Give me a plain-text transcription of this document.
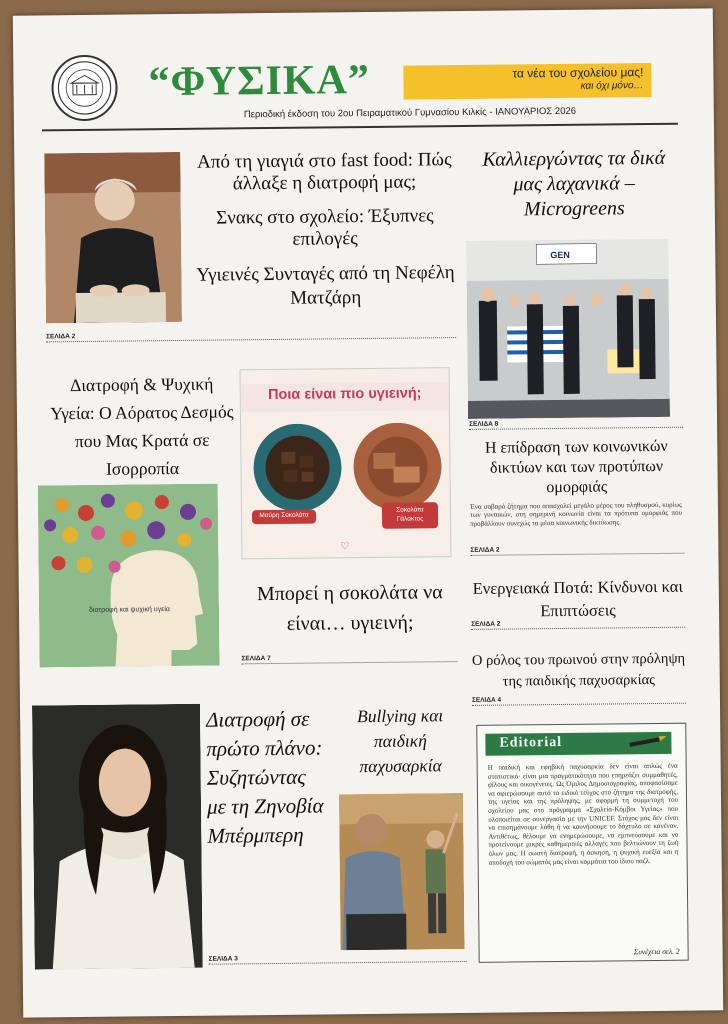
“ΦΥΣΙΚΑ”	τα νέα του σχολείου μας!
και όχι μόνο…
Περιοδική έκδοση του 2ου Πειραματικού Γυμνασίου Κιλκίς - ΙΑΝΟΥΑΡΙΟΣ 2026
Από τη γιαγιά στο fast food: Πώς άλλαξε η διατροφή μας;
Σνακς στο σχολείο: Έξυπνες επιλογές
Υγιεινές Συνταγές από τη Νεφέλη Ματζάρη
ΣΕΛΙΔΑ 2
Καλλιεργώντας τα δικά μας λαχανικά – Microgreens
GEN
ΣΕΛΙΔΑ 8
Διατροφή & Ψυχική Υγεία: Ο Αόρατος Δεσμός που Μας Κρατά σε Ισορροπία
διατροφή και ψυχική υγεία
Ποια είναι πιο υγιεινή;
Μαύρη Σοκολάτα
Σοκολάτα Γάλακτος
♡
Μπορεί η σοκολάτα να είναι… υγιεινή;
ΣΕΛΙΔΑ 7
Η επίδραση των κοινωνικών δικτύων και των προτύπων ομορφιάς
Ένα σοβαρό ζήτημα που απασχολεί μεγάλο μέρος του πληθυσμού, κυρίως των γυναικών, στη σημερινή κοινωνία είναι τα πρότυπα ομορφιάς που προβάλλουν συνεχώς τα μέσα κοινωνικής δικτύωσης.
ΣΕΛΙΔΑ 2
Ενεργειακά Ποτά: Κίνδυνοι και Επιπτώσεις
ΣΕΛΙΔΑ 2
Ο ρόλος του πρωινού στην πρόληψη της παιδικής παχυσαρκίας
ΣΕΛΙΔΑ 4
Διατροφή σε πρώτο πλάνο: Συζητώντας με τη Ζηνοβία Μπέρμπερη
ΣΕΛΙΔΑ 3
Bullying και παιδική παχυσαρκία
Editorial
Η παιδική και εφηβική παχυσαρκία δεν είναι απλώς ένα στατιστικό· είναι μια πραγματικότητα που επηρεάζει συμμαθητές, φίλους και οικογένειες. Ως Όμιλος Δημοσιογραφίας, αποφασίσαμε να αφιερώσουμε αυτό το ειδικό τεύχος στο ζήτημα της διατροφής, της υγείας και της πρόληψης, με αφορμή τη συμμετοχή του σχολείου μας στο πρόγραμμα «Σχολεία-Κόμβοι Υγείας» που υλοποιείται σε συνεργασία με την UNICEF. Στόχος μας δεν είναι να επισημάνουμε λάθη ή να κουνήσουμε το δάχτυλο σε κανέναν. Αντιθέτως, θέλουμε να ενημερώσουμε, να εμπνεύσουμε και να προτείνουμε μικρές καθημερινές αλλαγές που βελτιώνουν τη ζωή όλων μας. Η σωστή διατροφή, η άσκηση, η ψυχική ευεξία και η αποδοχή του σώματός μας είναι κομμάτια του ίδιου παζλ.
Συνέχεια σελ. 2
